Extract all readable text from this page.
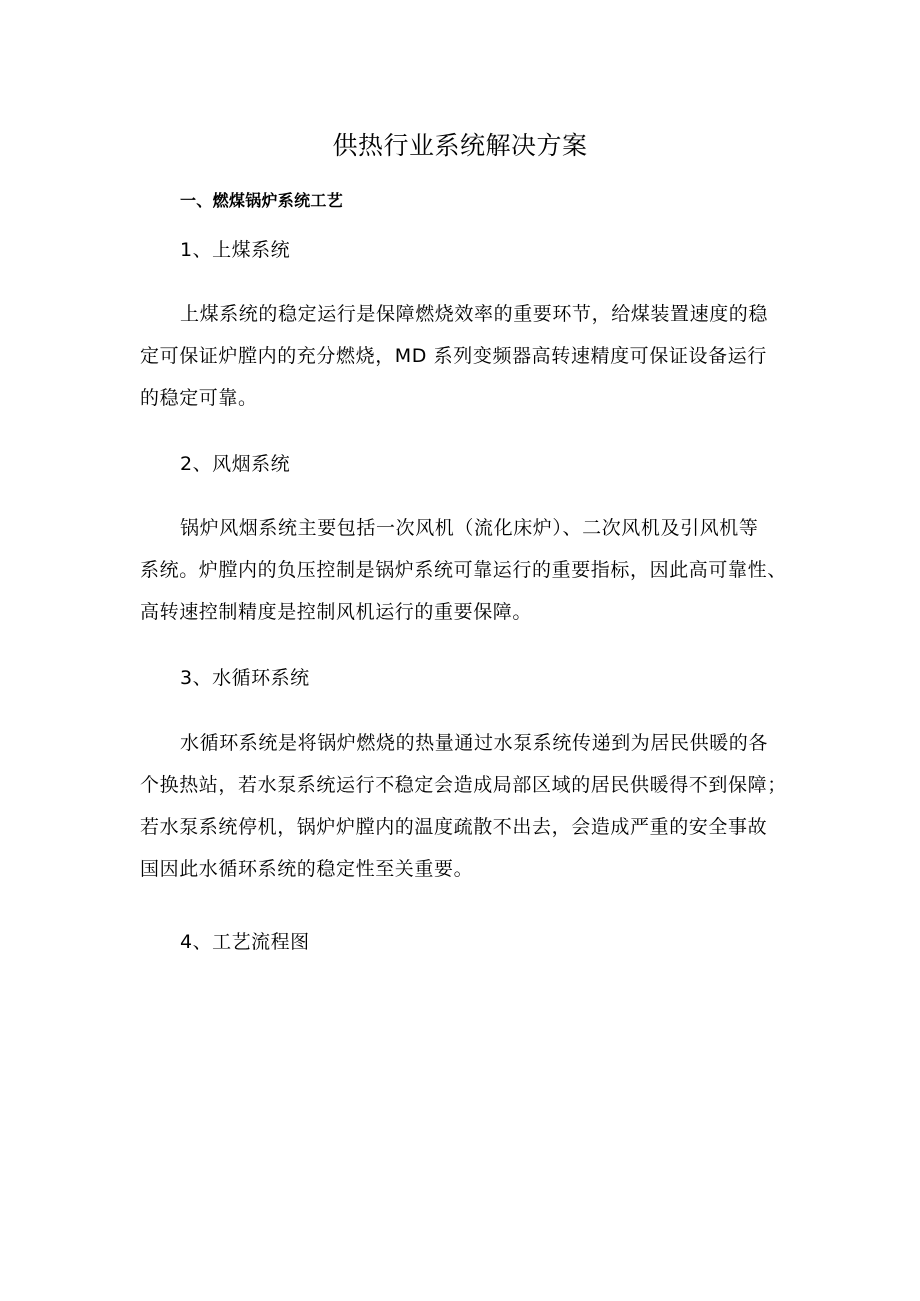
供热行业系统解决方案
一、燃煤锅炉系统工艺
1、上煤系统
上煤系统的稳定运行是保障燃烧效率的重要环节，给煤装置速度的稳
定可保证炉膛内的充分燃烧，MD 系列变频器高转速精度可保证设备运行
的稳定可靠。
2、风烟系统
锅炉风烟系统主要包括一次风机（流化床炉）、二次风机及引风机等
系统。炉膛内的负压控制是锅炉系统可靠运行的重要指标，因此高可靠性、
高转速控制精度是控制风机运行的重要保障。
3、水循环系统
水循环系统是将锅炉燃烧的热量通过水泵系统传递到为居民供暖的各
个换热站，若水泵系统运行不稳定会造成局部区域的居民供暖得不到保障；
若水泵系统停机，锅炉炉膛内的温度疏散不出去，会造成严重的安全事故
国因此水循环系统的稳定性至关重要。
4、工艺流程图
